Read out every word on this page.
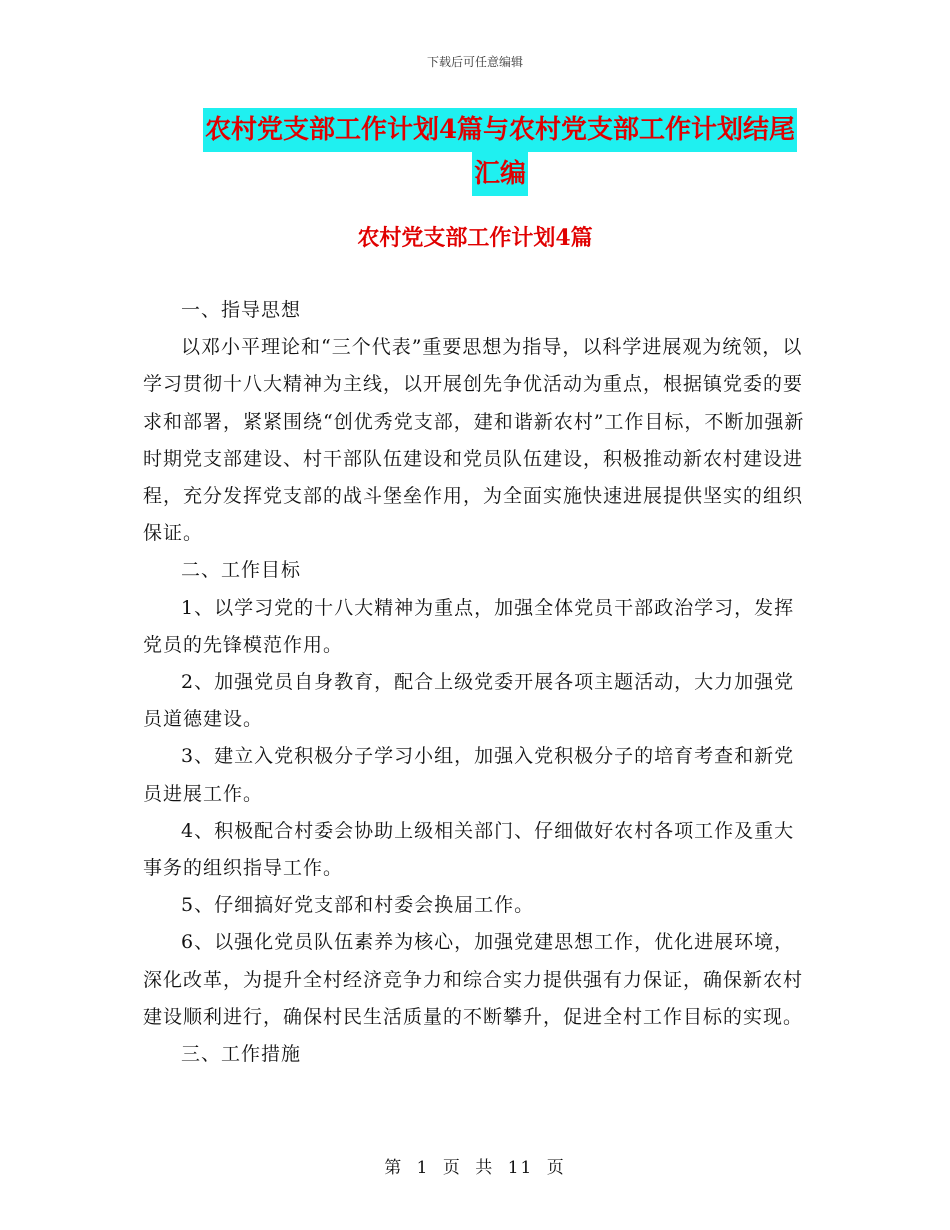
下载后可任意编辑
农村党支部工作计划4篇与农村党支部工作计划结尾
汇编
农村党支部工作计划4篇

一、指导思想

以邓小平理论和“三个代表”重要思想为指导，以科学进展观为统领，以学习贯彻十八大精神为主线，以开展创先争优活动为重点，根据镇党委的要求和部署，紧紧围绕“创优秀党支部，建和谐新农村”工作目标，不断加强新时期党支部建设、村干部队伍建设和党员队伍建设，积极推动新农村建设进程，充分发挥党支部的战斗堡垒作用，为全面实施快速进展提供坚实的组织保证。

二、工作目标

1、以学习党的十八大精神为重点，加强全体党员干部政治学习，发挥党员的先锋模范作用。

2、加强党员自身教育，配合上级党委开展各项主题活动，大力加强党员道德建设。

3、建立入党积极分子学习小组，加强入党积极分子的培育考查和新党员进展工作。

4、积极配合村委会协助上级相关部门、仔细做好农村各项工作及重大事务的组织指导工作。

5、仔细搞好党支部和村委会换届工作。

6、以强化党员队伍素养为核心，加强党建思想工作，优化进展环境，深化改革，为提升全村经济竞争力和综合实力提供强有力保证，确保新农村建设顺利进行，确保村民生活质量的不断攀升，促进全村工作目标的实现。

三、工作措施

第 1 页 共 11 页
